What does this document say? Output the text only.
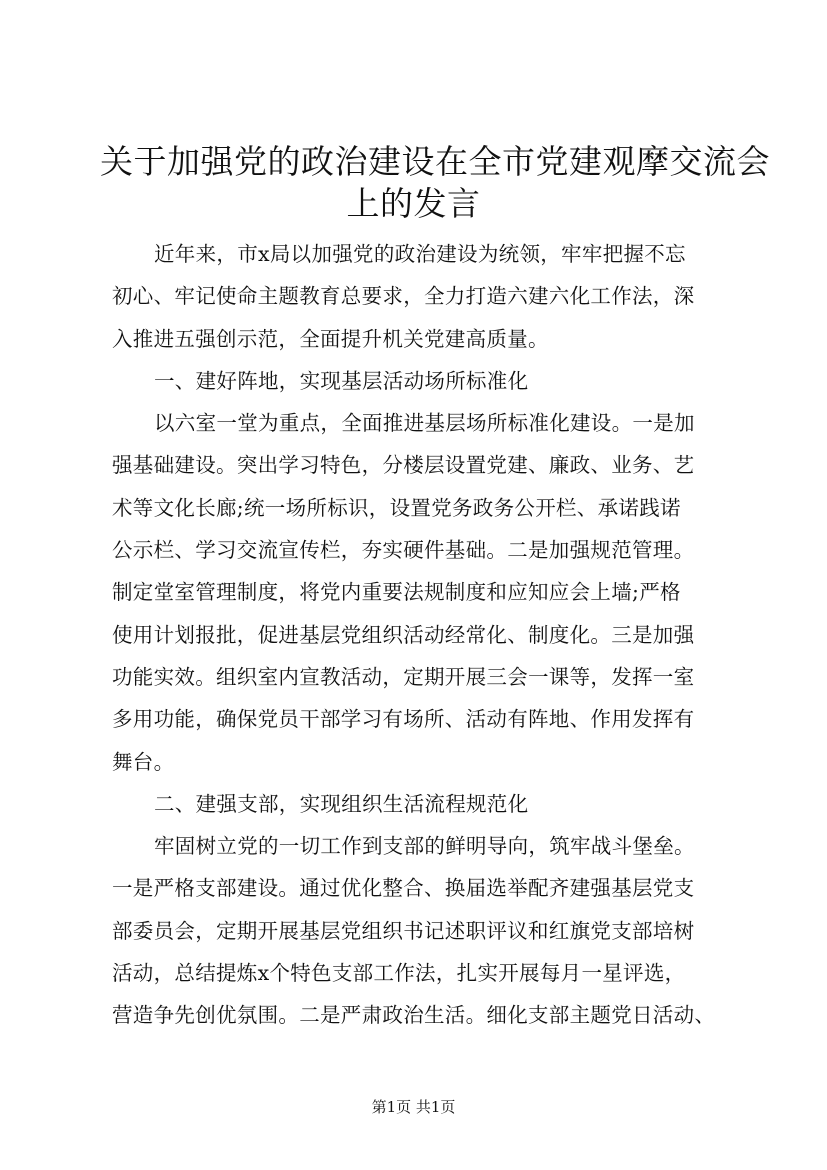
关于加强党的政治建设在全市党建观摩交流会
上的发言
近年来，市x局以加强党的政治建设为统领，牢牢把握不忘
初心、牢记使命主题教育总要求，全力打造六建六化工作法，深
入推进五强创示范，全面提升机关党建高质量。
一、建好阵地，实现基层活动场所标准化
以六室一堂为重点，全面推进基层场所标准化建设。一是加
强基础建设。突出学习特色，分楼层设置党建、廉政、业务、艺
术等文化长廊;统一场所标识，设置党务政务公开栏、承诺践诺
公示栏、学习交流宣传栏，夯实硬件基础。二是加强规范管理。
制定堂室管理制度，将党内重要法规制度和应知应会上墙;严格
使用计划报批，促进基层党组织活动经常化、制度化。三是加强
功能实效。组织室内宣教活动，定期开展三会一课等，发挥一室
多用功能，确保党员干部学习有场所、活动有阵地、作用发挥有
舞台。
二、建强支部，实现组织生活流程规范化
牢固树立党的一切工作到支部的鲜明导向，筑牢战斗堡垒。
一是严格支部建设。通过优化整合、换届选举配齐建强基层党支
部委员会，定期开展基层党组织书记述职评议和红旗党支部培树
活动，总结提炼x个特色支部工作法，扎实开展每月一星评选，
营造争先创优氛围。二是严肃政治生活。细化支部主题党日活动、
第1页 共1页
